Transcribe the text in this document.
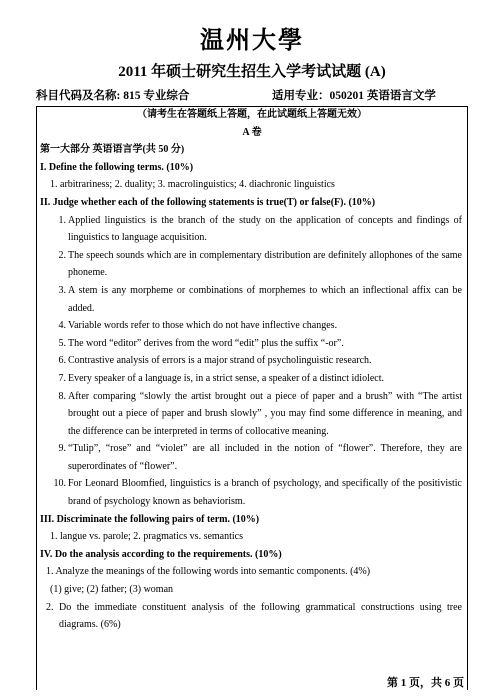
温州大學
2011 年硕士研究生招生入学考试试题 (A)
科目代码及名称: 815 专业综合	适用专业：050201 英语语言文学
（请考生在答题纸上答题，在此试题纸上答题无效）
A 卷
第一大部分 英语语言学(共 50 分)
I. Define the following terms. (10%)
1. arbitrariness; 2. duality; 3. macrolinguistics; 4. diachronic linguistics
II. Judge whether each of the following statements is true(T) or false(F). (10%)
1. Applied linguistics is the branch of the study on the application of concepts and findings of linguistics to language acquisition.
2. The speech sounds which are in complementary distribution are definitely allophones of the same phoneme.
3. A stem is any morpheme or combinations of morphemes to which an inflectional affix can be added.
4. Variable words refer to those which do not have inflective changes.
5. The word “editor” derives from the word “edit” plus the suffix “-or”.
6. Contrastive analysis of errors is a major strand of psycholinguistic research.
7. Every speaker of a language is, in a strict sense, a speaker of a distinct idiolect.
8. After comparing “slowly the artist brought out a piece of paper and a brush” with “The artist brought out a piece of paper and brush slowly” , you may find some difference in meaning, and the difference can be interpreted in terms of collocative meaning.
9. “Tulip”, “rose” and “violet” are all included in the notion of “flower”. Therefore, they are superordinates of “flower”.
10. For Leonard Bloomfied, linguistics is a branch of psychology, and specifically of the positivistic brand of psychology known as behaviorism.
III. Discriminate the following pairs of term. (10%)
1. langue vs. parole; 2. pragmatics vs. semantics
IV. Do the analysis according to the requirements. (10%)
1. Analyze the meanings of the following words into semantic components. (4%)
(1) give; (2) father; (3) woman
2. Do the immediate constituent analysis of the following grammatical constructions using tree diagrams. (6%)
第 1 页，共 6 页
